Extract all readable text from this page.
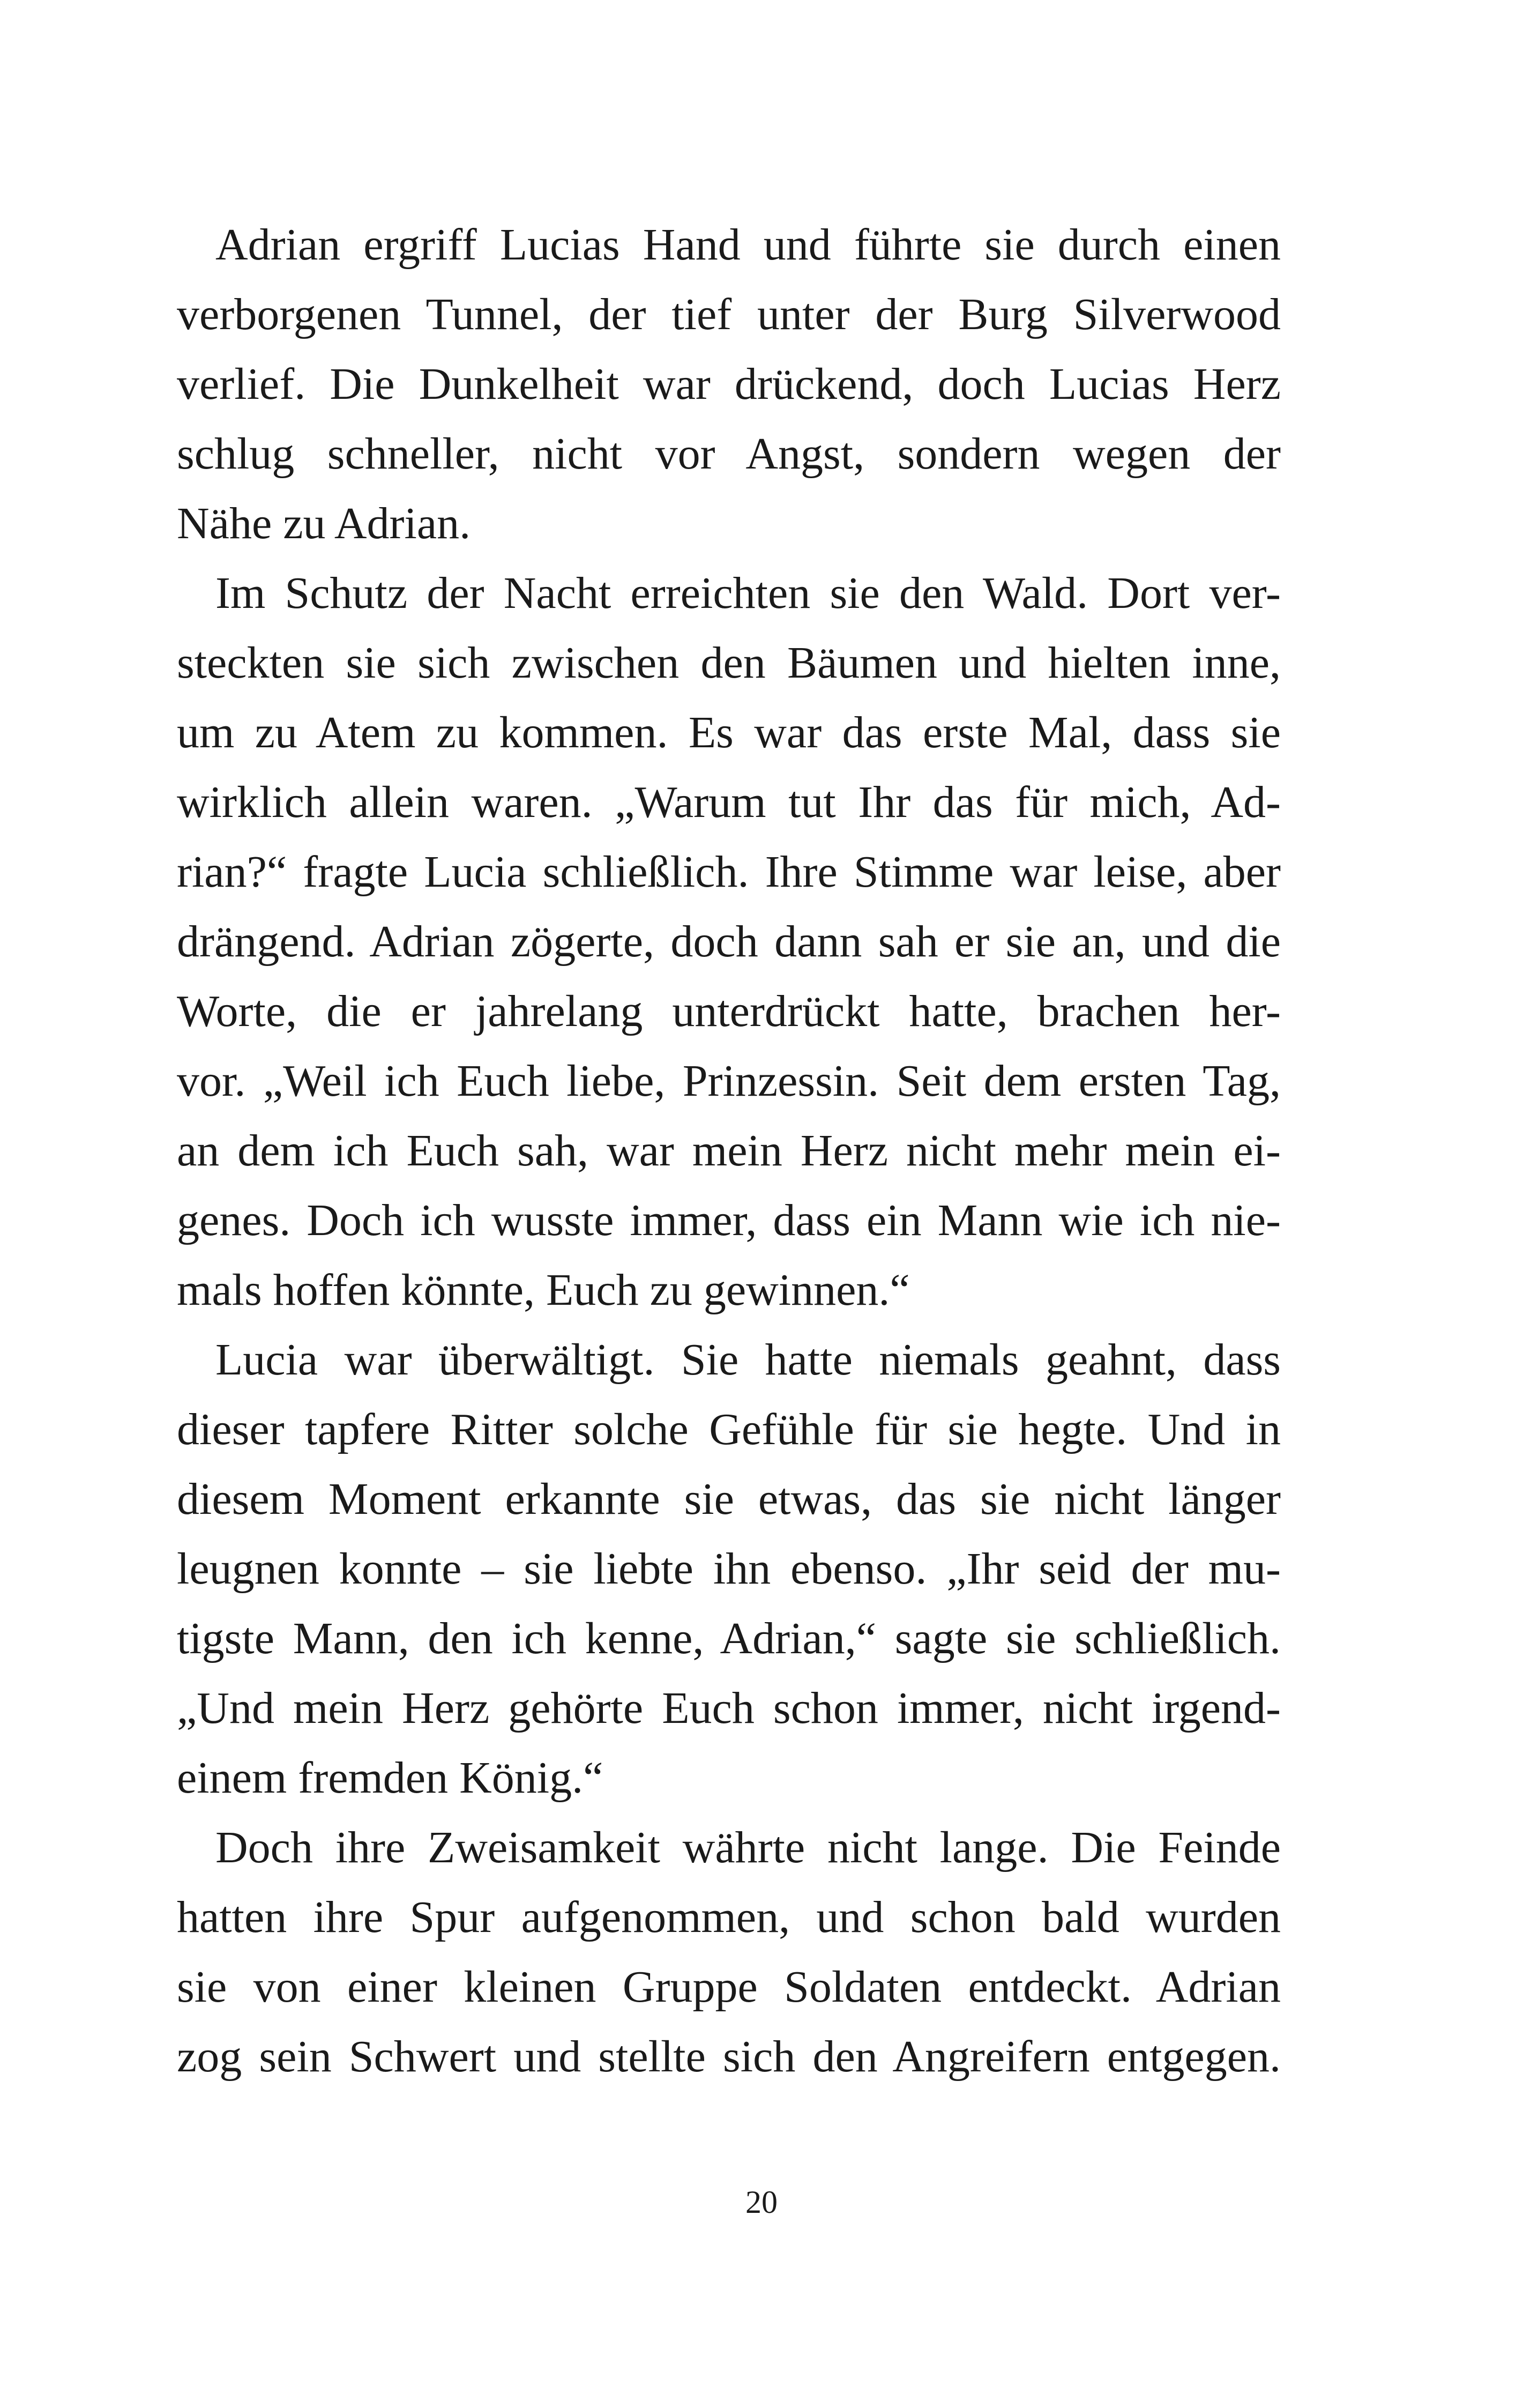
Adrian ergriff Lucias Hand und führte sie durch einen
verborgenen Tunnel, der tief unter der Burg Silverwood
verlief. Die Dunkelheit war drückend, doch Lucias Herz
schlug schneller, nicht vor Angst, sondern wegen der
Nähe zu Adrian.
Im Schutz der Nacht erreichten sie den Wald. Dort ver-
steckten sie sich zwischen den Bäumen und hielten inne,
um zu Atem zu kommen. Es war das erste Mal, dass sie
wirklich allein waren. „Warum tut Ihr das für mich, Ad-
rian?“ fragte Lucia schließlich. Ihre Stimme war leise, aber
drängend. Adrian zögerte, doch dann sah er sie an, und die
Worte, die er jahrelang unterdrückt hatte, brachen her-
vor. „Weil ich Euch liebe, Prinzessin. Seit dem ersten Tag,
an dem ich Euch sah, war mein Herz nicht mehr mein ei-
genes. Doch ich wusste immer, dass ein Mann wie ich nie-
mals hoffen könnte, Euch zu gewinnen.“
Lucia war überwältigt. Sie hatte niemals geahnt, dass
dieser tapfere Ritter solche Gefühle für sie hegte. Und in
diesem Moment erkannte sie etwas, das sie nicht länger
leugnen konnte – sie liebte ihn ebenso. „Ihr seid der mu-
tigste Mann, den ich kenne, Adrian,“ sagte sie schließlich.
„Und mein Herz gehörte Euch schon immer, nicht irgend-
einem fremden König.“
Doch ihre Zweisamkeit währte nicht lange. Die Feinde
hatten ihre Spur aufgenommen, und schon bald wurden
sie von einer kleinen Gruppe Soldaten entdeckt. Adrian
zog sein Schwert und stellte sich den Angreifern entgegen.
20
